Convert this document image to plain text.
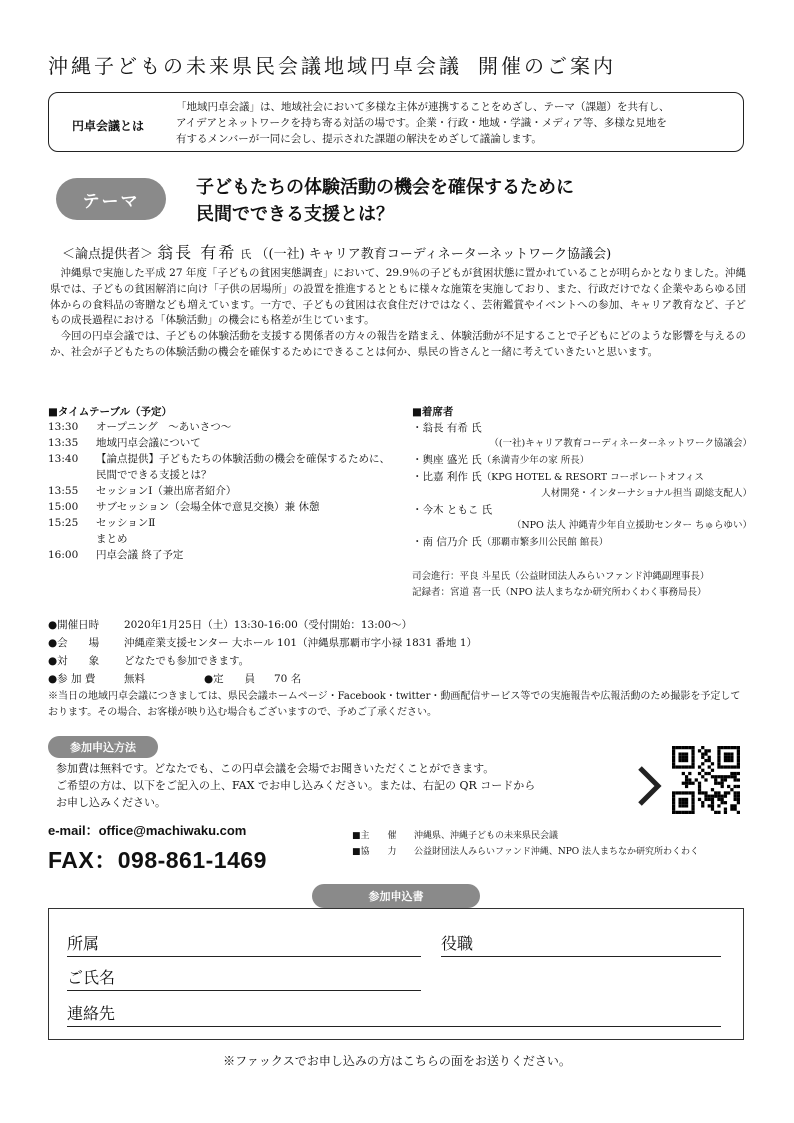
沖縄子どもの未来県民会議地域円卓会議 開催のご案内
円卓会議とは
「地域円卓会議」は、地域社会において多様な主体が連携することをめざし、テーマ（課題）を共有し、
アイデアとネットワークを持ち寄る対話の場です。企業・行政・地域・学識・メディア等、多様な見地を
有するメンバーが一同に会し、提示された課題の解決をめざして議論します。
テーマ
子どもたちの体験活動の機会を確保するために
民間でできる支援とは？
＜論点提供者＞ 翁長 有希 氏 （(一社) キャリア教育コーディネーターネットワーク協議会)

沖縄県で実施した平成 27 年度「子どもの貧困実態調査」において、29.9％の子どもが貧困状態に置かれていることが明らかとなりました。沖縄県では、子どもの貧困解消に向け「子供の居場所」の設置を推進するとともに様々な施策を実施しており、また、行政だけでなく企業やあらゆる団体からの食料品の寄贈なども増えています。一方で、子どもの貧困は衣食住だけではなく、芸術鑑賞やイベントへの参加、キャリア教育など、子どもの成長過程における「体験活動」の機会にも格差が生じています。

今回の円卓会議では、子どもの体験活動を支援する関係者の方々の報告を踏まえ、体験活動が不足することで子どもにどのような影響を与えるのか、社会が子どもたちの体験活動の機会を確保するためにできることは何か、県民の皆さんと一緒に考えていきたいと思います。

■タイムテーブル（予定）
13:30	オープニング　～あいさつ～
13:35	地域円卓会議について
13:40	【論点提供】子どもたちの体験活動の機会を確保するために、民間でできる支援とは？
13:55	セッションⅠ（兼出席者紹介）
15:00	サブセッション（会場全体で意見交換）兼 休憩
15:25	セッションⅡ
まとめ
16:00	円卓会議 終了予定
■着席者
・翁長 有希 氏
（(一社)キャリア教育コーディネーターネットワーク協議会）
・輿座 盛光 氏（糸満青少年の家 所長）
・比嘉 利作 氏（KPG HOTEL & RESORT コーポレートオフィス
人材開発・インターナショナル担当 副総支配人）
・今木 ともこ 氏
（NPO 法人 沖縄青少年自立援助センター ちゅらゆい）
・南 信乃介 氏（那覇市繁多川公民館 館長）
司会進行：平良 斗星氏（公益財団法人みらいファンド沖縄副理事長）
記録者：宮道 喜一氏（NPO 法人まちなか研究所わくわく事務局長）
●開催日時	2020年1月25日（土）13:30-16:00（受付開始：13:00～）
●会　　場	沖縄産業支援センター 大ホール 101（沖縄県那覇市字小禄 1831 番地 1）
●対　　象	どなたでも参加できます。
●参 加 費	無料	●定　　員	70 名
※当日の地域円卓会議につきましては、県民会議ホームページ・Facebook・twitter・動画配信サービス等での実施報告や広報活動のため撮影を予定しております。その場合、お客様が映り込む場合もございますので、予めご了承ください。
参加申込方法
参加費は無料です。どなたでも、この円卓会議を会場でお聞きいただくことができます。
ご希望の方は、以下をご記入の上、FAX でお申し込みください。または、右記の QR コードから
お申し込みください。
e-mail：office@machiwaku.com
FAX：098-861-1469
■主　　催	沖縄県、沖縄子どもの未来県民会議
■協　　力	公益財団法人みらいファンド沖縄、NPO 法人まちなか研究所わくわく
参加申込書
所属	役職
ご氏名
連絡先
※ファックスでお申し込みの方はこちらの面をお送りください。
